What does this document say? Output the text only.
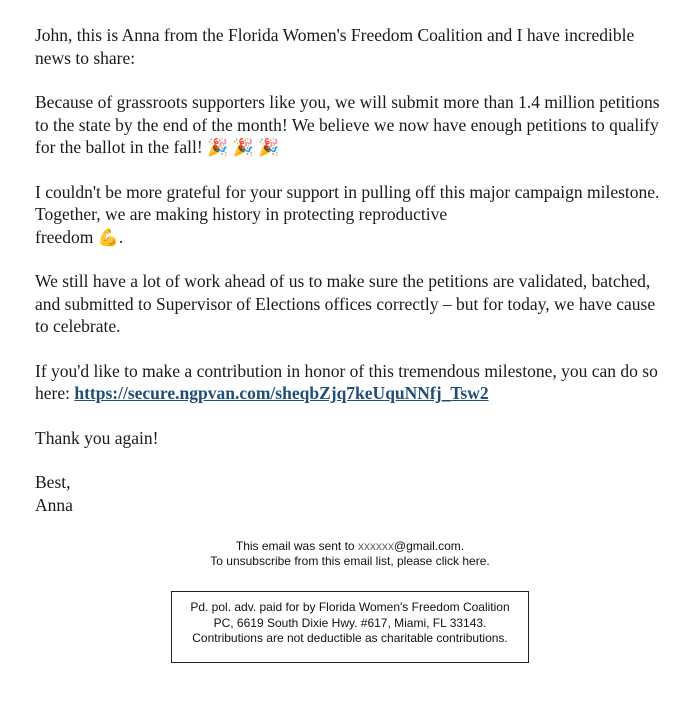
John, this is Anna from the Florida Women's Freedom Coalition and I have incredible news to share:

Because of grassroots supporters like you, we will submit more than 1.4 million petitions to the state by the end of the month! We believe we now have enough petitions to qualify for the ballot in the fall! 🎉 🎉 🎉

I couldn't be more grateful for your support in pulling off this major campaign milestone. Together, we are making history in protecting reproductive
freedom 💪.

We still have a lot of work ahead of us to make sure the petitions are validated, batched, and submitted to Supervisor of Elections offices correctly – but for today, we have cause to celebrate.

If you'd like to make a contribution in honor of this tremendous milestone, you can do so here: https://secure.ngpvan.com/sheqbZjq7keUquNNfj_Tsw2

Thank you again!

Best,

Anna

This email was sent to xxxxxx@gmail.com.
To unsubscribe from this email list, please click here.
Pd. pol. adv. paid for by Florida Women's Freedom Coalition
PC, 6619 South Dixie Hwy. #617, Miami, FL 33143.
Contributions are not deductible as charitable contributions.
